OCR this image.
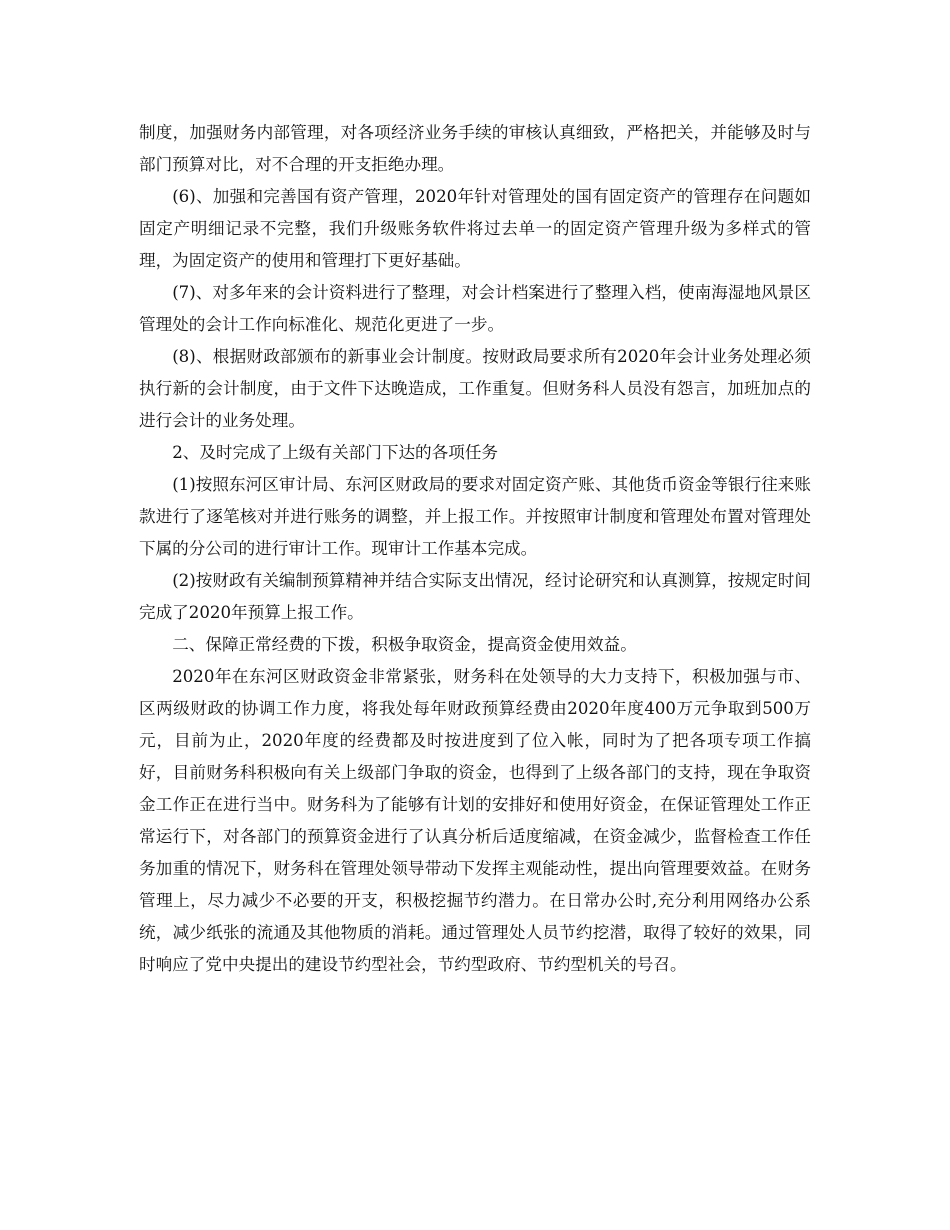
制度，加强财务内部管理，对各项经济业务手续的审核认真细致，严格把关，并能够及时与部门预算对比，对不合理的开支拒绝办理。

(6)、加强和完善国有资产管理，2020年针对管理处的国有固定资产的管理存在问题如固定产明细记录不完整，我们升级账务软件将过去单一的固定资产管理升级为多样式的管理，为固定资产的使用和管理打下更好基础。

(7)、对多年来的会计资料进行了整理，对会计档案进行了整理入档，使南海湿地风景区管理处的会计工作向标准化、规范化更进了一步。

(8)、根据财政部颁布的新事业会计制度。按财政局要求所有2020年会计业务处理必须执行新的会计制度，由于文件下达晚造成，工作重复。但财务科人员没有怨言，加班加点的进行会计的业务处理。

2、及时完成了上级有关部门下达的各项任务

(1)按照东河区审计局、东河区财政局的要求对固定资产账、其他货币资金等银行往来账款进行了逐笔核对并进行账务的调整，并上报工作。并按照审计制度和管理处布置对管理处下属的分公司的进行审计工作。现审计工作基本完成。

(2)按财政有关编制预算精神并结合实际支出情况，经讨论研究和认真测算，按规定时间完成了2020年预算上报工作。

二、保障正常经费的下拨，积极争取资金，提高资金使用效益。

2020年在东河区财政资金非常紧张，财务科在处领导的大力支持下，积极加强与市、区两级财政的协调工作力度，将我处每年财政预算经费由2020年度400万元争取到500万元，目前为止，2020年度的经费都及时按进度到了位入帐，同时为了把各项专项工作搞好，目前财务科积极向有关上级部门争取的资金，也得到了上级各部门的支持，现在争取资金工作正在进行当中。财务科为了能够有计划的安排好和使用好资金，在保证管理处工作正常运行下，对各部门的预算资金进行了认真分析后适度缩减，在资金减少，监督检查工作任务加重的情况下，财务科在管理处领导带动下发挥主观能动性，提出向管理要效益。在财务管理上，尽力减少不必要的开支，积极挖掘节约潜力。在日常办公时,充分利用网络办公系统，减少纸张的流通及其他物质的消耗。通过管理处人员节约挖潜，取得了较好的效果，同时响应了党中央提出的建设节约型社会，节约型政府、节约型机关的号召。
